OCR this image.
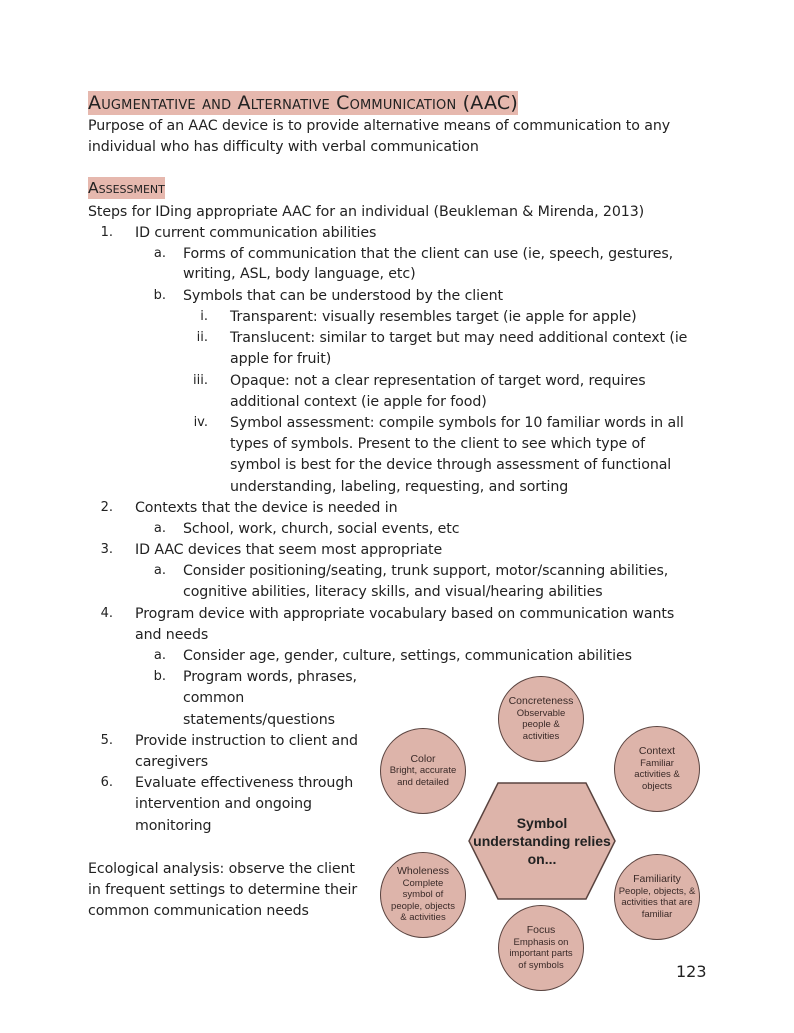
Augmentative and Alternative Communication (AAC)
Purpose of an AAC device is to provide alternative means of communication to any
individual who has difficulty with verbal communication
Assessment
Steps for IDing appropriate AAC for an individual (Beukleman & Mirenda, 2013)
1. ID current communication abilities
a. Forms of communication that the client can use (ie, speech, gestures,
writing, ASL, body language, etc)
b. Symbols that can be understood by the client
i. Transparent: visually resembles target (ie apple for apple)
ii. Translucent: similar to target but may need additional context (ie
apple for fruit)
iii. Opaque: not a clear representation of target word, requires
additional context (ie apple for food)
iv. Symbol assessment: compile symbols for 10 familiar words in all
types of symbols. Present to the client to see which type of
symbol is best for the device through assessment of functional
understanding, labeling, requesting, and sorting
2. Contexts that the device is needed in
a. School, work, church, social events, etc
3. ID AAC devices that seem most appropriate
a. Consider positioning/seating, trunk support, motor/scanning abilities,
cognitive abilities, literacy skills, and visual/hearing abilities
4. Program device with appropriate vocabulary based on communication wants
and needs
a. Consider age, gender, culture, settings, communication abilities
b. Program words, phrases,
common
statements/questions
5. Provide instruction to client and
caregivers
6. Evaluate effectiveness through
intervention and ongoing
monitoring
Ecological analysis: observe the client
in frequent settings to determine their
common communication needs
Symbol understanding relies on...
Concreteness
Observable people & activities
Color
Bright, accurate and detailed
Context
Familiar activities & objects
Wholeness
Complete symbol of people, objects & activities
Familiarity
People, objects, & activities that are familiar
Focus
Emphasis on important parts of symbols	123
